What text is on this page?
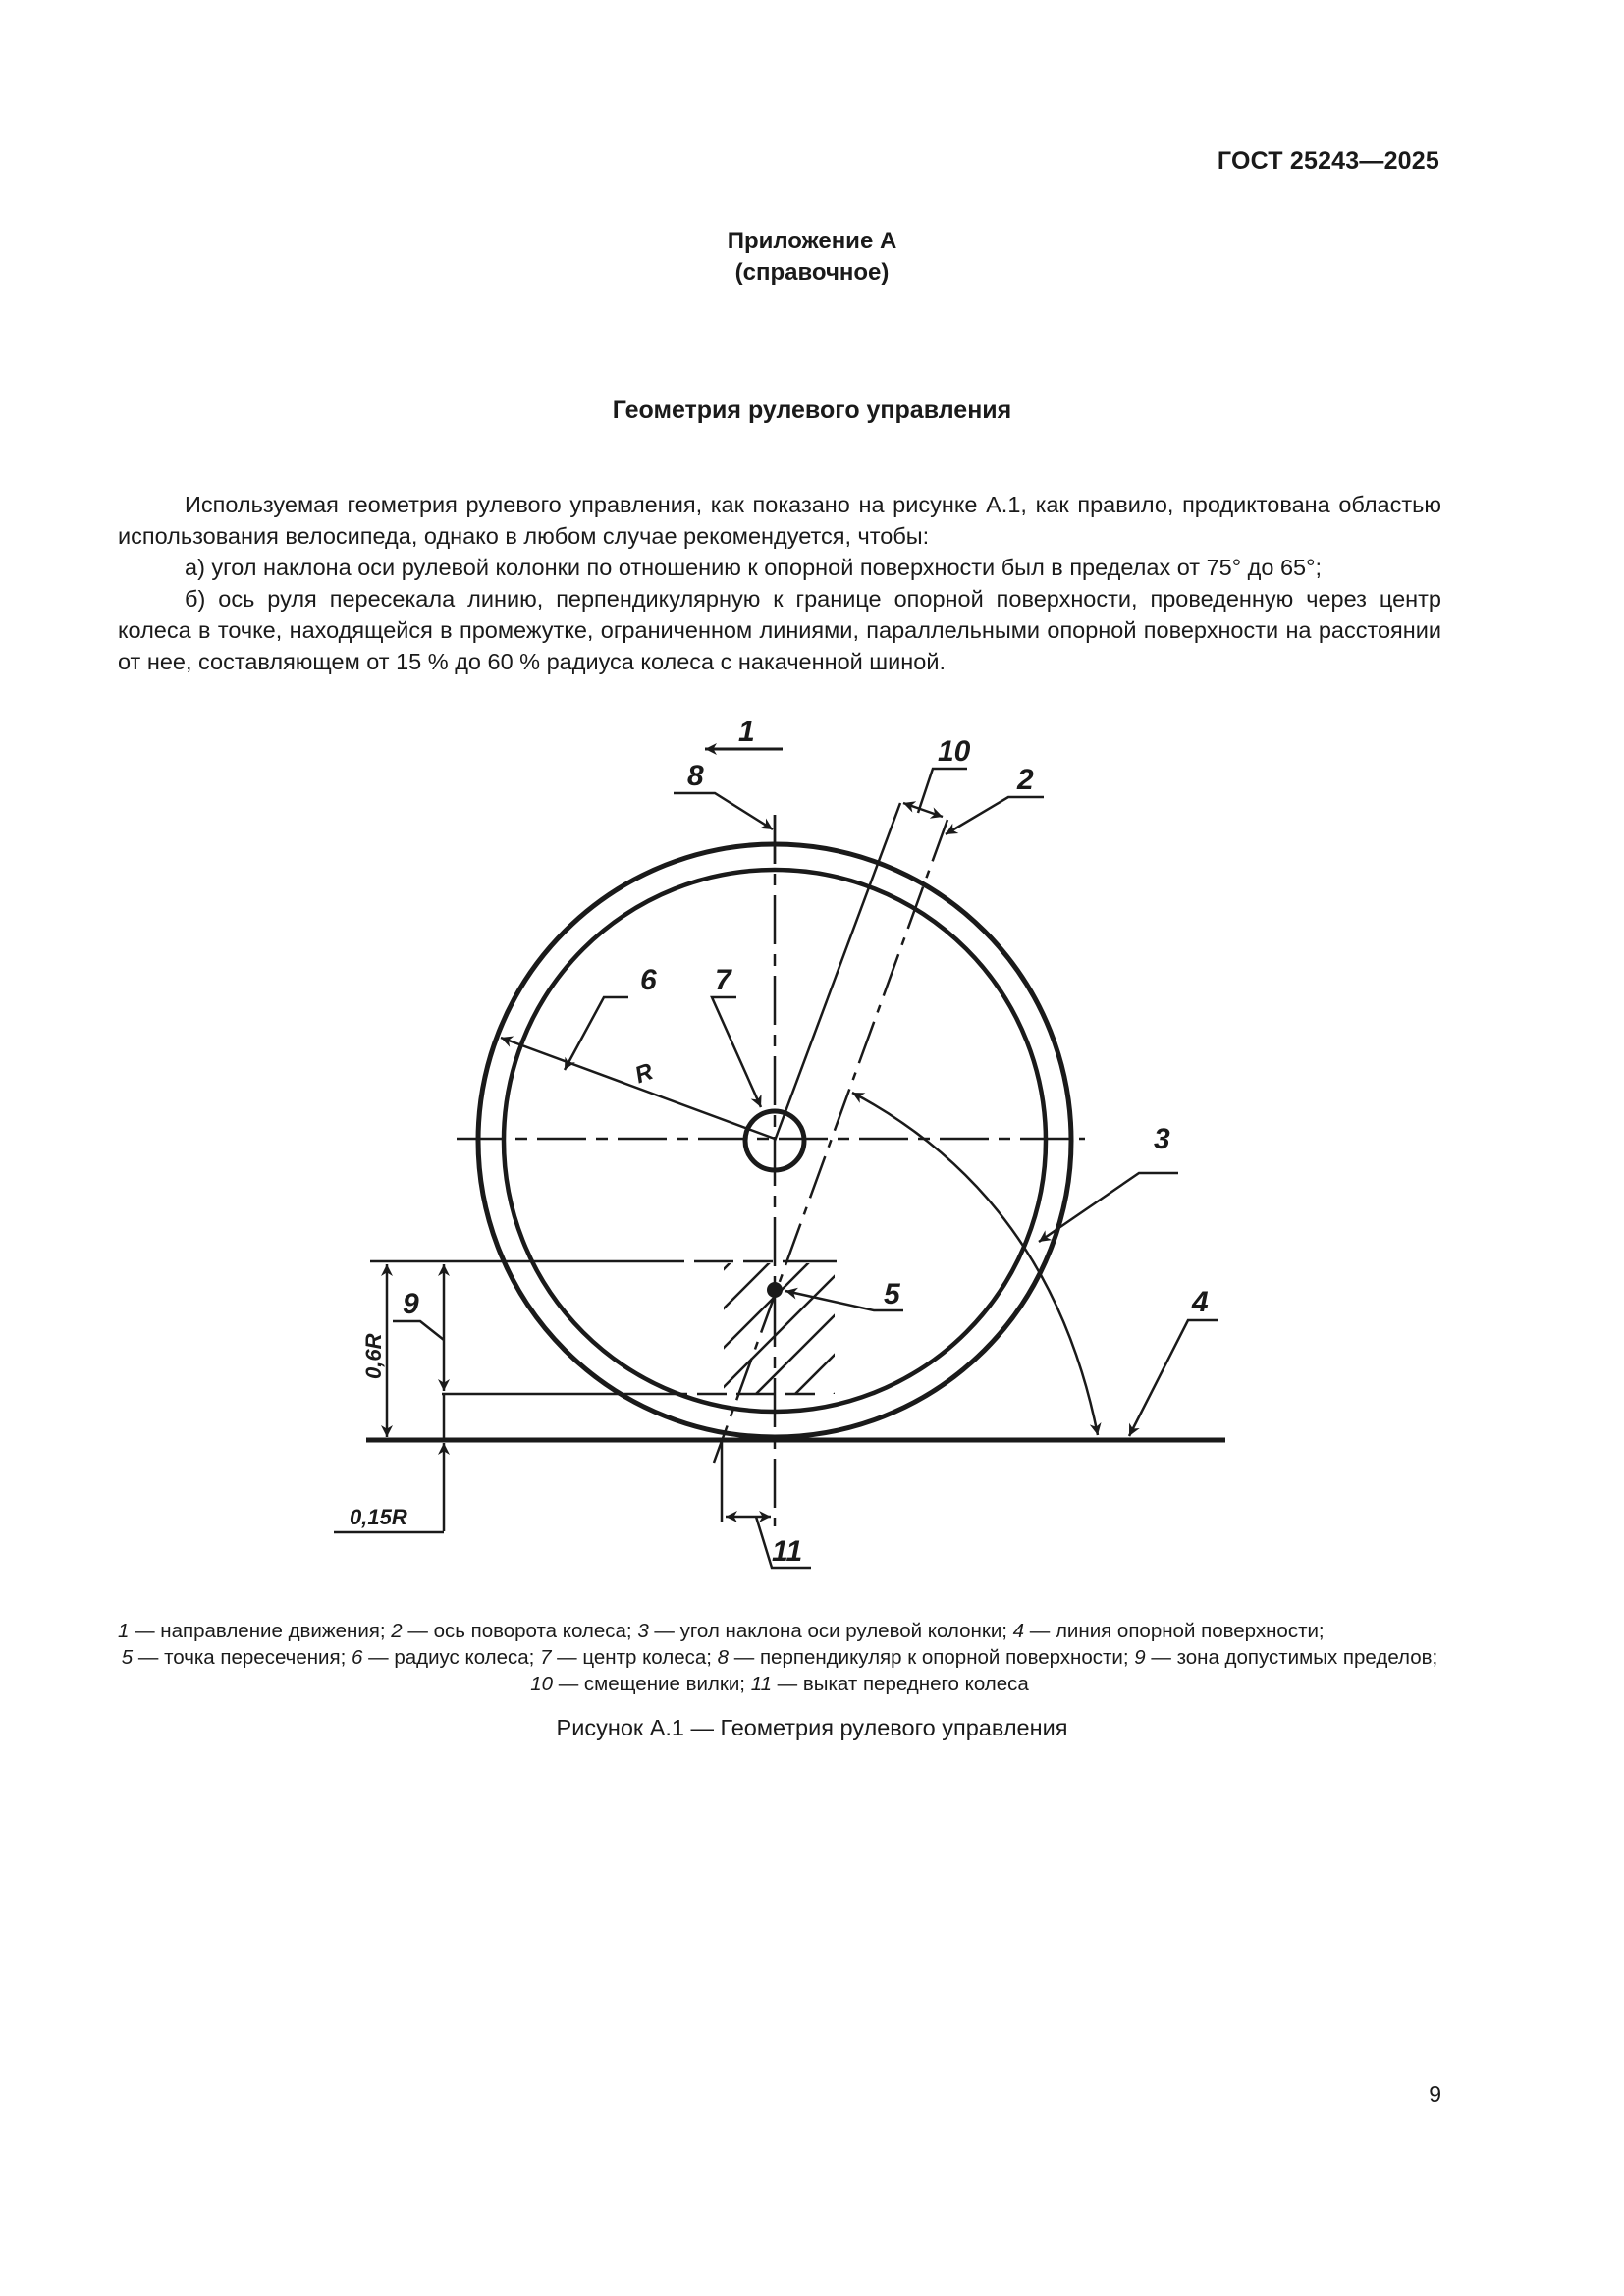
ГОСТ 25243—2025
Приложение А
(справочное)
Геометрия рулевого управления

Используемая геометрия рулевого управления, как показано на рисунке А.1, как правило, продиктована областью использования велосипеда, однако в любом случае рекомендуется, чтобы:

а) угол наклона оси рулевой колонки по отношению к опорной поверхности был в пределах от 75° до 65°;

б) ось руля пересекала линию, перпендикулярную к границе опорной поверхности, проведенную через центр колеса в точке, находящейся в промежутке, ограниченном линиями, параллельными опорной поверхности на расстоянии от нее, составляющем от 15 % до 60 % радиуса колеса с накаченной шиной.

1
2
3
4
5
6 7
8
9
10
11
R
0,6R
0,15R
1 — направление движения; 2 — ось поворота колеса; 3 — угол наклона оси рулевой колонки; 4 — линия опорной поверхности;
5 — точка пересечения; 6 — радиус колеса; 7 — центр колеса; 8 — перпендикуляр к опорной поверхности; 9 — зона допустимых пределов; 10 — смещение вилки; 11 — выкат переднего колеса
Рисунок А.1 — Геометрия рулевого управления
9
